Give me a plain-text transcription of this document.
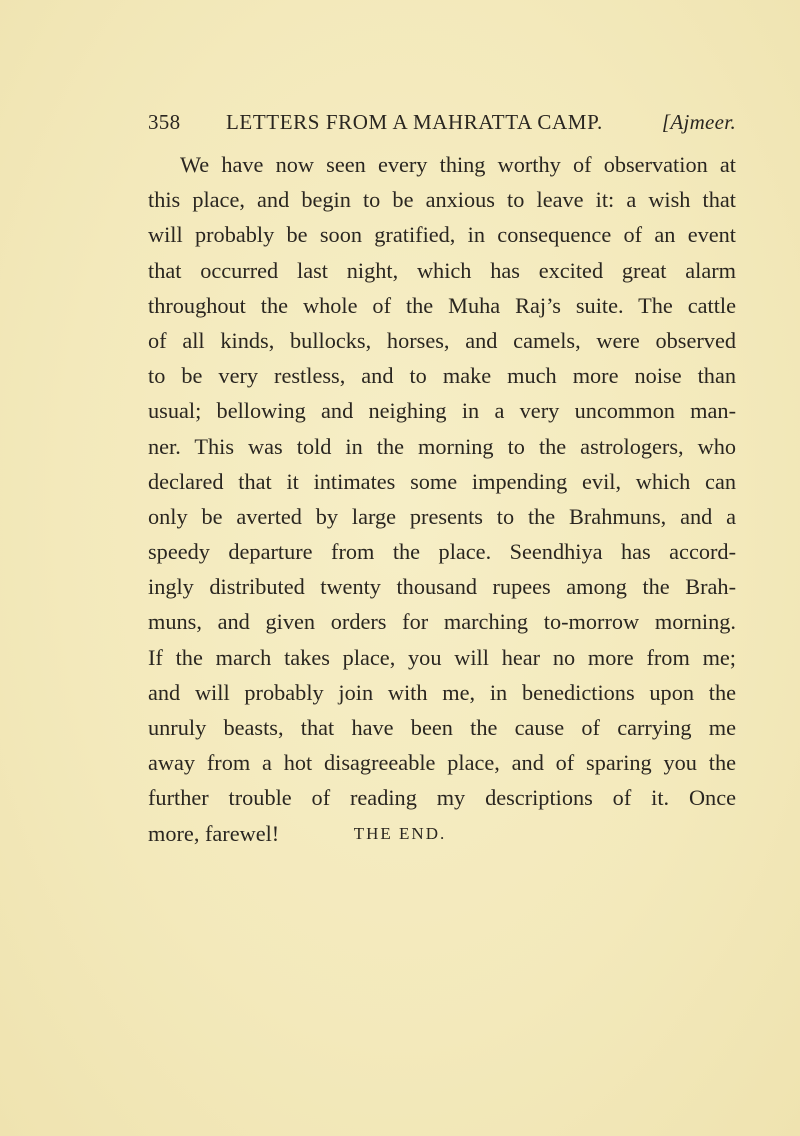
358 LETTERS FROM A MAHRATTA CAMP.	[Ajmeer.
We have now seen every thing worthy of observation at
this place, and begin to be anxious to leave it: a wish that
will probably be soon gratified, in consequence of an event
that occurred last night, which has excited great alarm
throughout the whole of the Muha Raj’s suite. The cattle
of all kinds, bullocks, horses, and camels, were observed
to be very restless, and to make much more noise than
usual; bellowing and neighing in a very uncommon man-
ner. This was told in the morning to the astrologers, who
declared that it intimates some impending evil, which can
only be averted by large presents to the Brahmuns, and a
speedy departure from the place. Seendhiya has accord-
ingly distributed twenty thousand rupees among the Brah-
muns, and given orders for marching to-morrow morning.
If the march takes place, you will hear no more from me;
and will probably join with me, in benedictions upon the
unruly beasts, that have been the cause of carrying me
away from a hot disagreeable place, and of sparing you the
further trouble of reading my descriptions of it. Once
more, farewel!	THE END.
